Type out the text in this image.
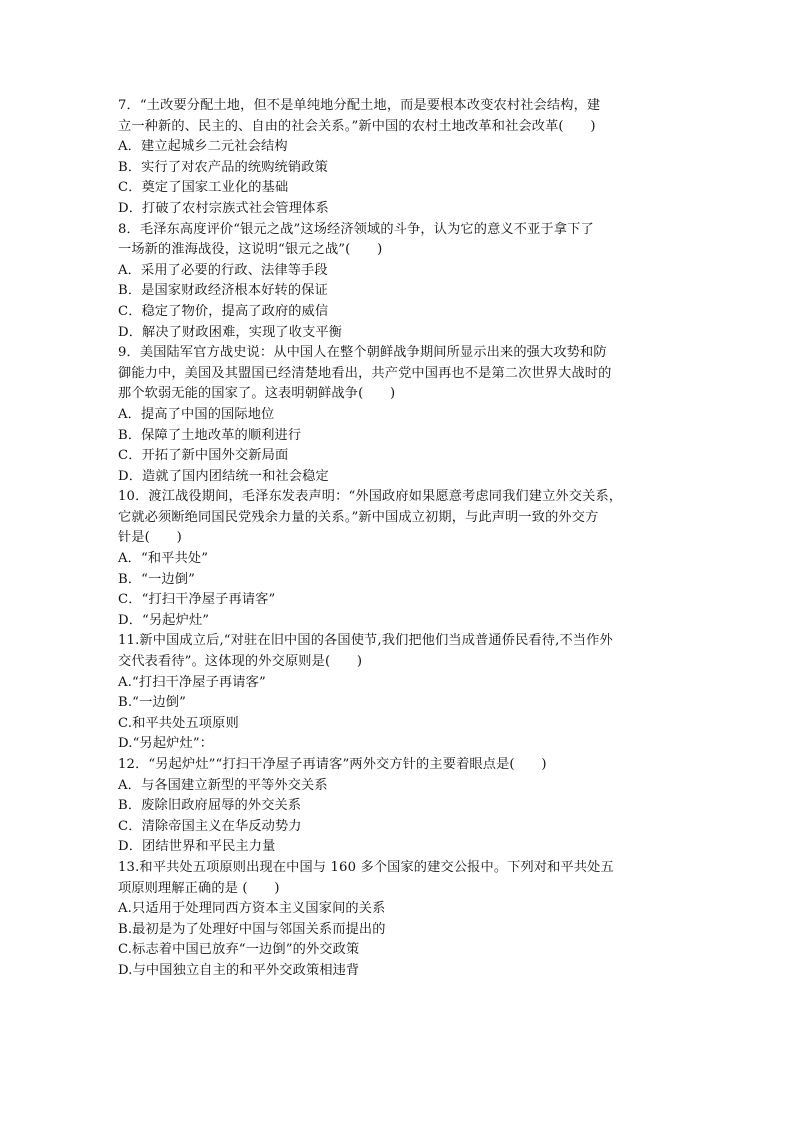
7．“土改要分配土地，但不是单纯地分配土地，而是要根本改变农村社会结构，建
立一种新的、民主的、自由的社会关系。”新中国的农村土地改革和社会改革(　　)
A．建立起城乡二元社会结构
B．实行了对农产品的统购统销政策
C．奠定了国家工业化的基础
D．打破了农村宗族式社会管理体系
8．毛泽东高度评价“银元之战”这场经济领域的斗争，认为它的意义不亚于拿下了
一场新的淮海战役，这说明“银元之战”(　　)
A．采用了必要的行政、法律等手段
B．是国家财政经济根本好转的保证
C．稳定了物价，提高了政府的威信
D．解决了财政困难，实现了收支平衡
9．美国陆军官方战史说：从中国人在整个朝鲜战争期间所显示出来的强大攻势和防
御能力中，美国及其盟国已经清楚地看出，共产党中国再也不是第二次世界大战时的
那个软弱无能的国家了。这表明朝鲜战争(　　)
A．提高了中国的国际地位
B．保障了土地改革的顺利进行
C．开拓了新中国外交新局面
D．造就了国内团结统一和社会稳定
10．渡江战役期间，毛泽东发表声明：“外国政府如果愿意考虑同我们建立外交关系，
它就必须断绝同国民党残余力量的关系。”新中国成立初期，与此声明一致的外交方
针是(　　)
A．“和平共处”
B．“一边倒”
C．“打扫干净屋子再请客”
D．“另起炉灶”
11.新中国成立后,“对驻在旧中国的各国使节,我们把他们当成普通侨民看待,不当作外
交代表看待”。这体现的外交原则是(　　)
A.“打扫干净屋子再请客”
B.“一边倒”
C.和平共处五项原则
D.“另起炉灶”：
12．“另起炉灶”“打扫干净屋子再请客”两外交方针的主要着眼点是(　　)
A．与各国建立新型的平等外交关系
B．废除旧政府屈辱的外交关系
C．清除帝国主义在华反动势力
D．团结世界和平民主力量
13.和平共处五项原则出现在中国与 160 多个国家的建交公报中。下列对和平共处五
项原则理解正确的是 (　　)
A.只适用于处理同西方资本主义国家间的关系
B.最初是为了处理好中国与邻国关系而提出的
C.标志着中国已放弃“一边倒”的外交政策
D.与中国独立自主的和平外交政策相违背
